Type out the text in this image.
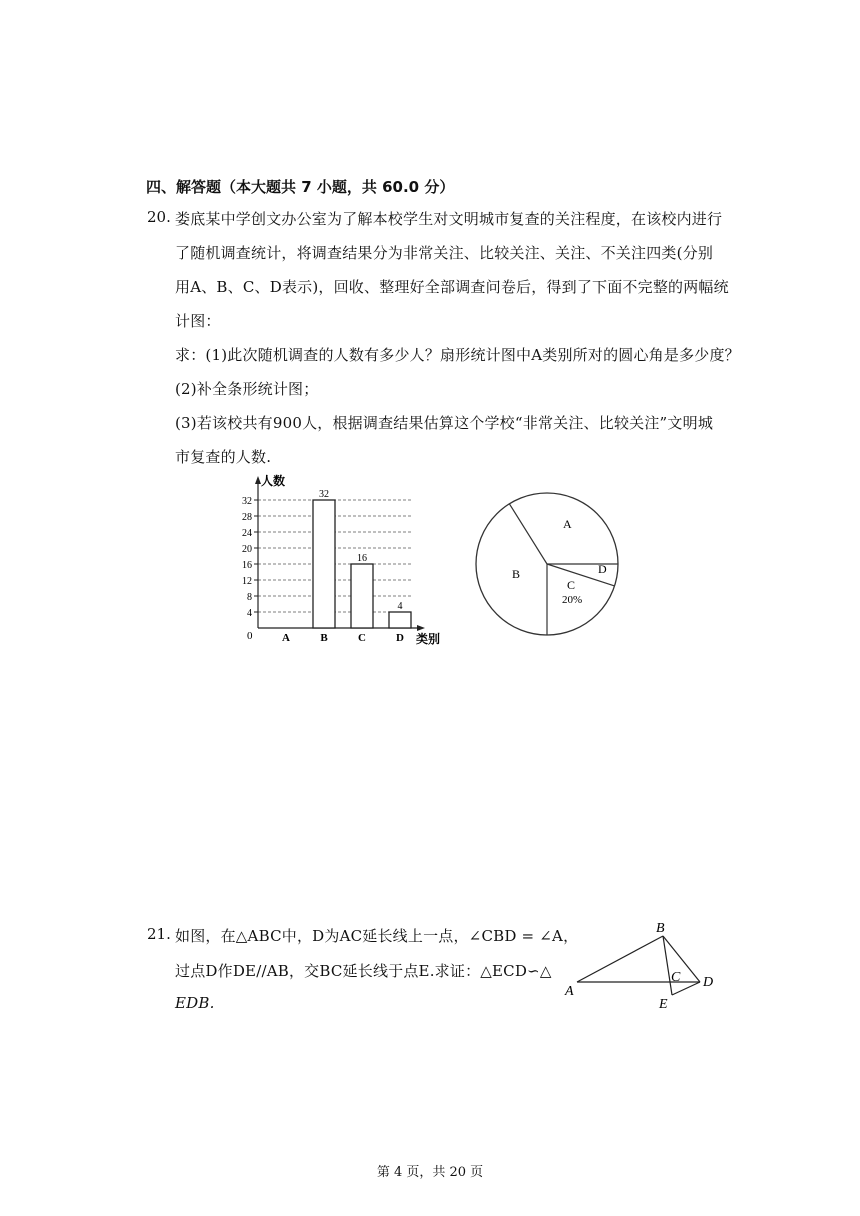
四、解答题（本大题共 7 小题，共 60.0 分）
20. 娄底某中学创文办公室为了解本校学生对文明城市复查的关注程度，在该校内进行
了随机调查统计，将调查结果分为非常关注、比较关注、关注、不关注四类(分别
用A、B、C、D表示)，回收、整理好全部调查问卷后，得到了下面不完整的两幅统
计图：
求：(1)此次随机调查的人数有多少人？扇形统计图中A类别所对的圆心角是多少度？
(2)补全条形统计图；
(3)若该校共有900人，根据调查结果估算这个学校“非常关注、比较关注”文明城
市复查的人数.
4
8
12
16
20
24
28
32
人数
类别
0	A	B
32
C
16
D
4
A
B
C
20%
D
21. 如图，在△ABC中，D为AC延长线上一点，∠CBD = ∠A，
过点D作DE//AB，交BC延长线于点E.求证：△ECD∽△
EDB.
A
B
C D
E
第 4 页，共 20 页
